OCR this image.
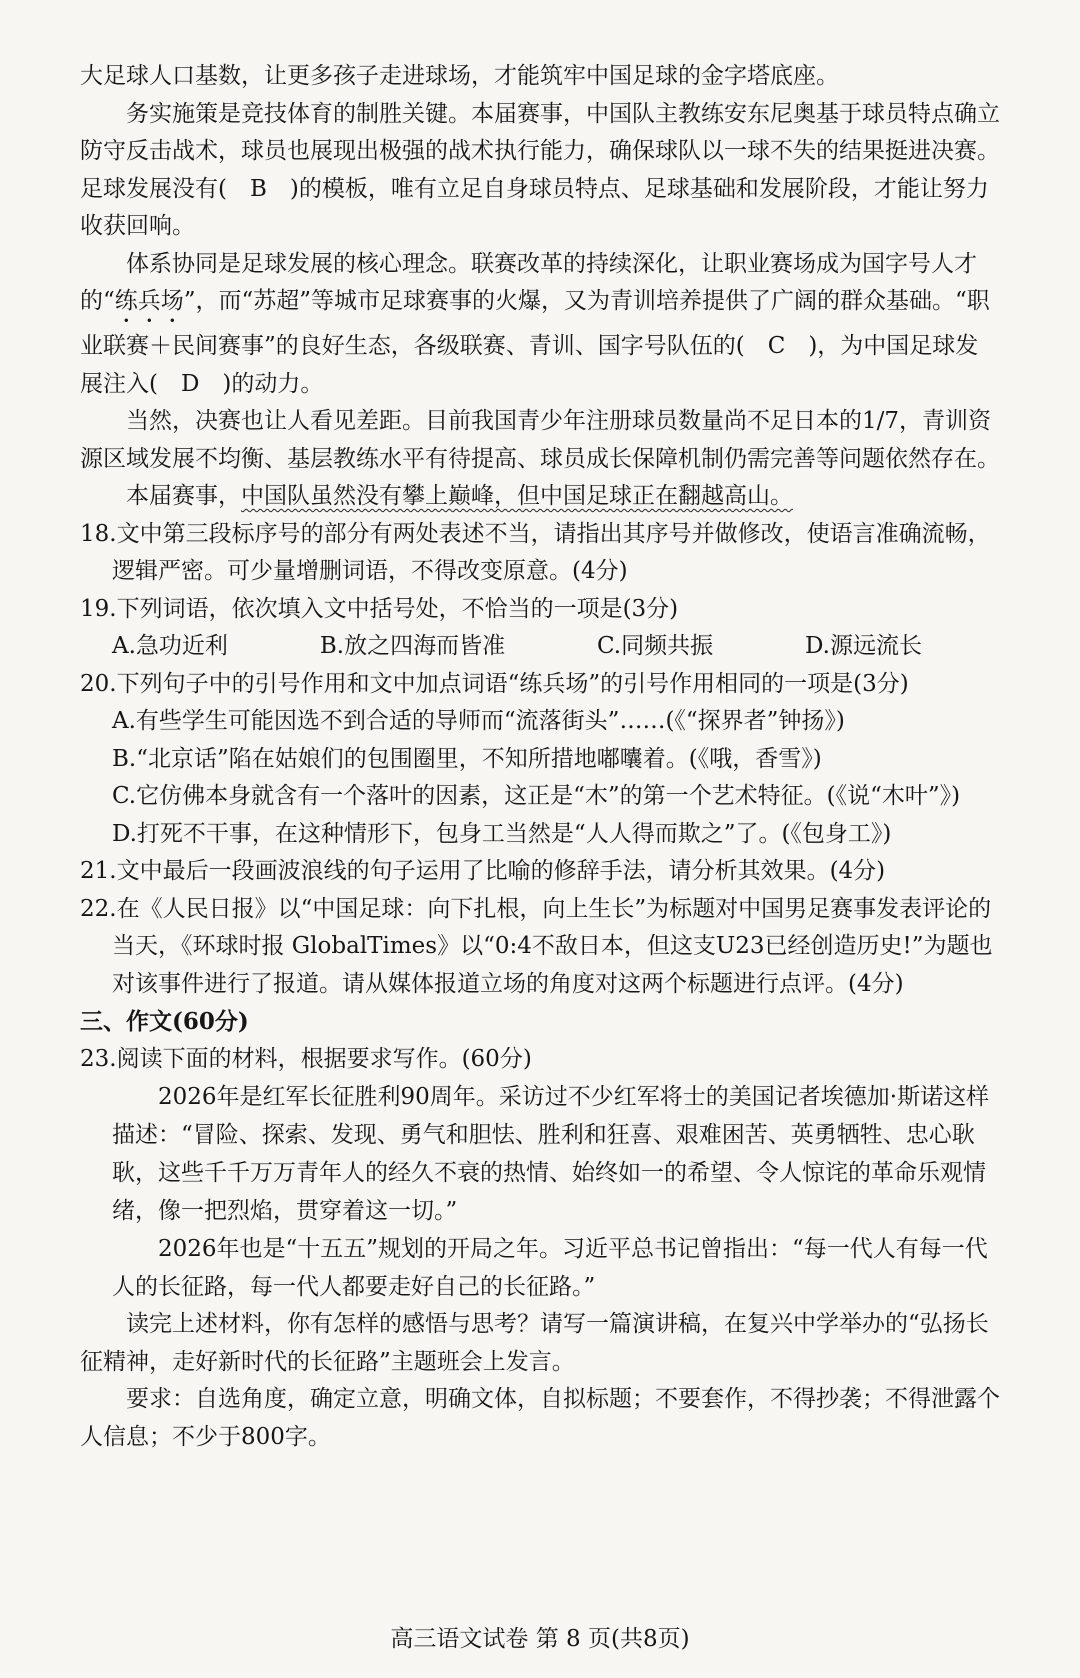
大足球人口基数，让更多孩子走进球场，才能筑牢中国足球的金字塔底座。

务实施策是竞技体育的制胜关键。本届赛事，中国队主教练安东尼奥基于球员特点确立防守反击战术，球员也展现出极强的战术执行能力，确保球队以一球不失的结果挺进决赛。足球发展没有(　B　)的模板，唯有立足自身球员特点、足球基础和发展阶段，才能让努力收获回响。

体系协同是足球发展的核心理念。联赛改革的持续深化，让职业赛场成为国字号人才的“练兵场”，而“苏超”等城市足球赛事的火爆，又为青训培养提供了广阔的群众基础。“职业联赛＋民间赛事”的良好生态，各级联赛、青训、国字号队伍的(　C　)，为中国足球发展注入(　D　)的动力。

当然，决赛也让人看见差距。目前我国青少年注册球员数量尚不足日本的1/7，青训资源区域发展不均衡、基层教练水平有待提高、球员成长保障机制仍需完善等问题依然存在。

本届赛事，中国队虽然没有攀上巅峰，但中国足球正在翻越高山。

18.文中第三段标序号的部分有两处表述不当，请指出其序号并做修改，使语言准确流畅，逻辑严密。可少量增删词语，不得改变原意。(4分)

19.下列词语，依次填入文中括号处，不恰当的一项是(3分)

A.急功近利	B.放之四海而皆准	C.同频共振	D.源远流长

20.下列句子中的引号作用和文中加点词语“练兵场”的引号作用相同的一项是(3分)

A.有些学生可能因选不到合适的导师而“流落街头”……(《“探界者”钟扬》)

B.“北京话”陷在姑娘们的包围圈里，不知所措地嘟囔着。(《哦，香雪》)

C.它仿佛本身就含有一个落叶的因素，这正是“木”的第一个艺术特征。(《说“木叶”》)

D.打死不干事，在这种情形下，包身工当然是“人人得而欺之”了。(《包身工》)

21.文中最后一段画波浪线的句子运用了比喻的修辞手法，请分析其效果。(4分)

22.在《人民日报》以“中国足球：向下扎根，向上生长”为标题对中国男足赛事发表评论的当天，《环球时报 GlobalTimes》以“0:4不敌日本，但这支U23已经创造历史!”为题也对该事件进行了报道。请从媒体报道立场的角度对这两个标题进行点评。(4分)

三、作文(60分)

23.阅读下面的材料，根据要求写作。(60分)

2026年是红军长征胜利90周年。采访过不少红军将士的美国记者埃德加·斯诺这样描述：“冒险、探索、发现、勇气和胆怯、胜利和狂喜、艰难困苦、英勇牺牲、忠心耿耿，这些千千万万青年人的经久不衰的热情、始终如一的希望、令人惊诧的革命乐观情绪，像一把烈焰，贯穿着这一切。”

2026年也是“十五五”规划的开局之年。习近平总书记曾指出：“每一代人有每一代人的长征路，每一代人都要走好自己的长征路。”

读完上述材料，你有怎样的感悟与思考？请写一篇演讲稿，在复兴中学举办的“弘扬长征精神，走好新时代的长征路”主题班会上发言。

要求：自选角度，确定立意，明确文体，自拟标题；不要套作，不得抄袭；不得泄露个人信息；不少于800字。

高三语文试卷 第 8 页(共8页)
